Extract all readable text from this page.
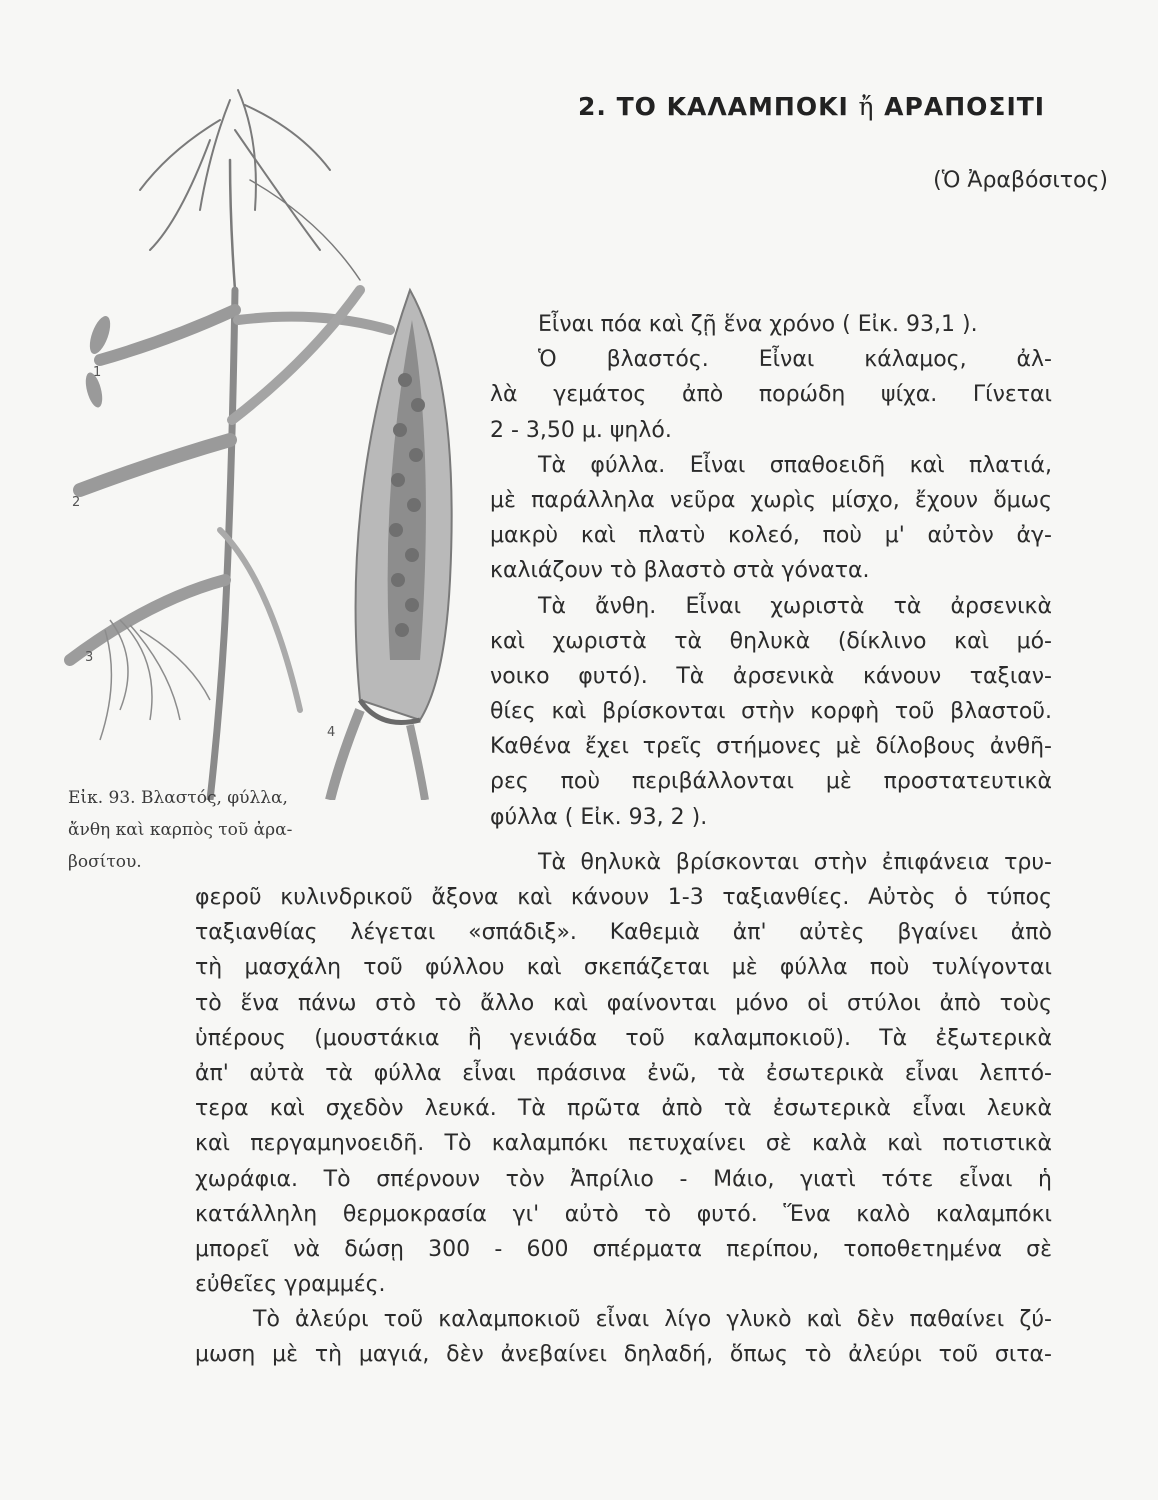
1
2
3
4
Εἰκ. 93. Βλαστός, φύλλα,
ἄνθη καὶ καρπὸς τοῦ ἀρα-
βοσίτου.
2. ΤΟ ΚΑΛΑΜΠΟΚΙ ἤ ΑΡΑΠΟΣΙΤΙ
(Ὁ Ἀραβόσιτος)
Εἶναι πόα καὶ ζῇ ἕνα χρόνο ( Εἰκ. 93,1 ).
Ὁ βλαστός. Εἶναι κάλαμος, ἀλ-
λὰ γεμάτος ἀπὸ πορώδη ψίχα. Γίνεται
2 - 3,50 μ. ψηλό.
Τὰ φύλλα. Εἶναι σπαθοειδῆ καὶ πλατιά,
μὲ παράλληλα νεῦρα χωρὶς μίσχο, ἔχουν ὅμως
μακρὺ καὶ πλατὺ κολεό, ποὺ μ' αὐτὸν ἀγ-
καλιάζουν τὸ βλαστὸ στὰ γόνατα.
Τὰ ἄνθη. Εἶναι χωριστὰ τὰ ἀρσενικὰ
καὶ χωριστὰ τὰ θηλυκὰ (δίκλινο καὶ μό-
νοικο φυτό). Τὰ ἀρσενικὰ κάνουν ταξιαν-
θίες καὶ βρίσκονται στὴν κορφὴ τοῦ βλαστοῦ.
Καθένα ἔχει τρεῖς στήμονες μὲ δίλοβους ἀνθῆ-
ρες ποὺ περιβάλλονται μὲ προστατευτικὰ
φύλλα ( Εἰκ. 93, 2 ).
Τὰ θηλυκὰ βρίσκονται στὴν ἐπιφάνεια τρυ-
φεροῦ κυλινδρικοῦ ἄξονα καὶ κάνουν 1-3 ταξιανθίες. Αὐτὸς ὁ τύπος
ταξιανθίας λέγεται «σπάδιξ». Καθεμιὰ ἀπ' αὐτὲς βγαίνει ἀπὸ
τὴ μασχάλη τοῦ φύλλου καὶ σκεπάζεται μὲ φύλλα ποὺ τυλίγονται
τὸ ἕνα πάνω στὸ τὸ ἄλλο καὶ φαίνονται μόνο οἱ στύλοι ἀπὸ τοὺς
ὑπέρους (μουστάκια ἢ γενιάδα τοῦ καλαμποκιοῦ). Τὰ ἐξωτερικὰ
ἀπ' αὐτὰ τὰ φύλλα εἶναι πράσινα ἐνῶ, τὰ ἐσωτερικὰ εἶναι λεπτό-
τερα καὶ σχεδὸν λευκά. Τὰ πρῶτα ἀπὸ τὰ ἐσωτερικὰ εἶναι λευκὰ
καὶ περγαμηνοειδῆ. Τὸ καλαμπόκι πετυχαίνει σὲ καλὰ καὶ ποτιστικὰ
χωράφια. Τὸ σπέρνουν τὸν Ἀπρίλιο - Μάιο, γιατὶ τότε εἶναι ἡ
κατάλληλη θερμοκρασία γι' αὐτὸ τὸ φυτό. Ἕνα καλὸ καλαμπόκι
μπορεῖ νὰ δώσῃ 300 - 600 σπέρματα περίπου, τοποθετημένα σὲ
εὐθεῖες γραμμές.
Τὸ ἀλεύρι τοῦ καλαμποκιοῦ εἶναι λίγο γλυκὸ καὶ δὲν παθαίνει ζύ-
μωση μὲ τὴ μαγιά, δὲν ἀνεβαίνει δηλαδή, ὅπως τὸ ἀλεύρι τοῦ σιτα-
